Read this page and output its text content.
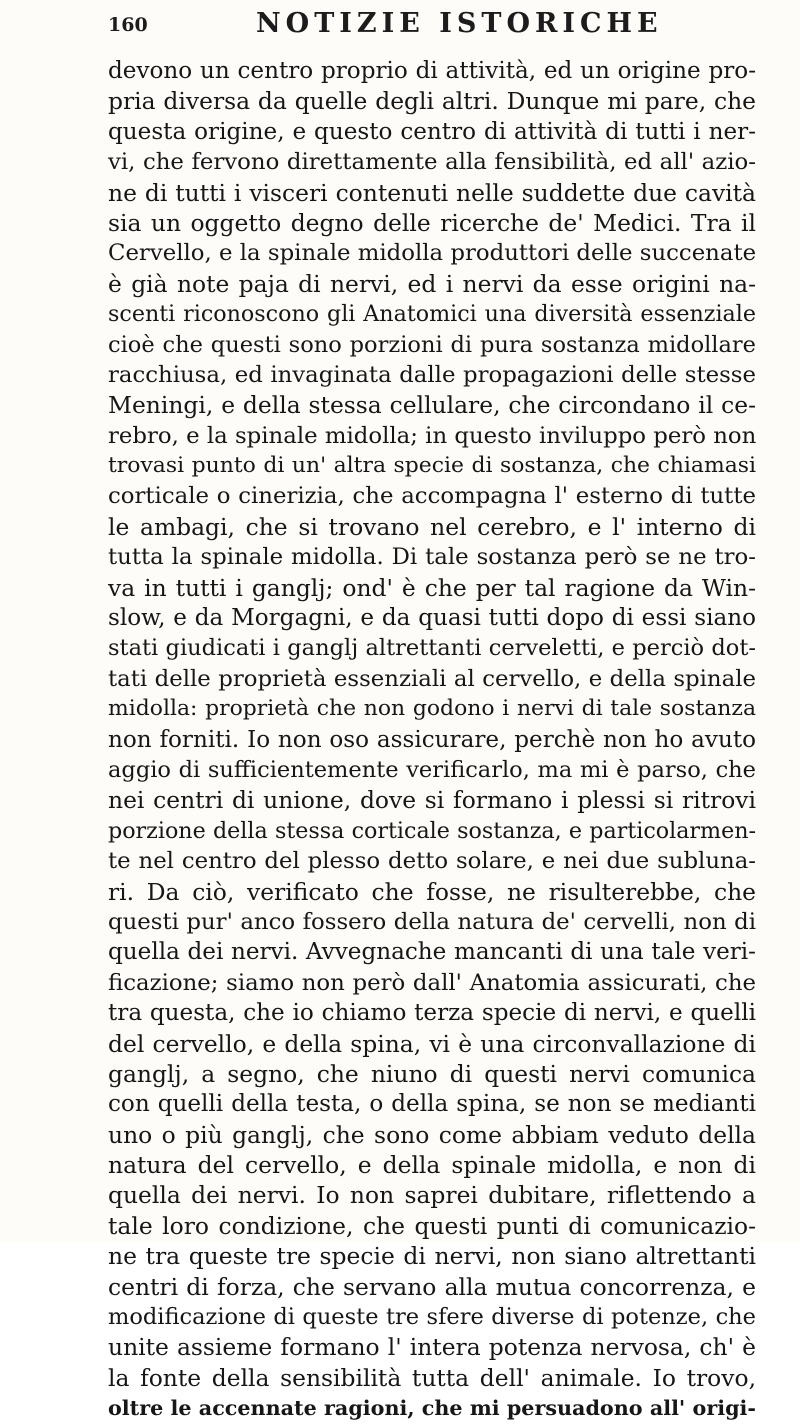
160	NOTIZIE ISTORICHE
devono un centro proprio di attività, ed un origine pro-
pria diversa da quelle degli altri. Dunque mi pare, che
questa origine, e questo centro di attività di tutti i ner-
vi, che fervono direttamente alla fensibilità, ed all' azio-
ne di tutti i visceri contenuti nelle suddette due cavità
sia un oggetto degno delle ricerche de' Medici. Tra il
Cervello, e la spinale midolla produttori delle succenate
è già note paja di nervi, ed i nervi da esse origini na-
scenti riconoscono gli Anatomici una diversità essenziale
cioè che questi sono porzioni di pura sostanza midollare
racchiusa, ed invaginata dalle propagazioni delle stesse
Meningi, e della stessa cellulare, che circondano il ce-
rebro, e la spinale midolla; in questo inviluppo però non
trovasi punto di un' altra specie di sostanza, che chiamasi
corticale o cinerizia, che accompagna l' esterno di tutte
le ambagi, che si trovano nel cerebro, e l' interno di
tutta la spinale midolla. Di tale sostanza però se ne tro-
va in tutti i ganglj; ond' è che per tal ragione da Win-
slow, e da Morgagni, e da quasi tutti dopo di essi siano
stati giudicati i ganglj altrettanti cerveletti, e perciò dot-
tati delle proprietà essenziali al cervello, e della spinale
midolla: proprietà che non godono i nervi di tale sostanza
non forniti. Io non oso assicurare, perchè non ho avuto
aggio di sufficientemente verificarlo, ma mi è parso, che
nei centri di unione, dove si formano i plessi si ritrovi
porzione della stessa corticale sostanza, e particolarmen-
te nel centro del plesso detto solare, e nei due subluna-
ri. Da ciò, verificato che fosse, ne risulterebbe, che
questi pur' anco fossero della natura de' cervelli, non di
quella dei nervi. Avvegnache mancanti di una tale veri-
ficazione; siamo non però dall' Anatomia assicurati, che
tra questa, che io chiamo terza specie di nervi, e quelli
del cervello, e della spina, vi è una circonvallazione di
ganglj, a segno, che niuno di questi nervi comunica
con quelli della testa, o della spina, se non se medianti
uno o più ganglj, che sono come abbiam veduto della
natura del cervello, e della spinale midolla, e non di
quella dei nervi. Io non saprei dubitare, riflettendo a
tale loro condizione, che questi punti di comunicazio-
ne tra queste tre specie di nervi, non siano altrettanti
centri di forza, che servano alla mutua concorrenza, e
modificazione di queste tre sfere diverse di potenze, che
unite assieme formano l' intera potenza nervosa, ch' è
la fonte della sensibilità tutta dell' animale. Io trovo,
oltre le accennate ragioni, che mi persuadono all' origi-
